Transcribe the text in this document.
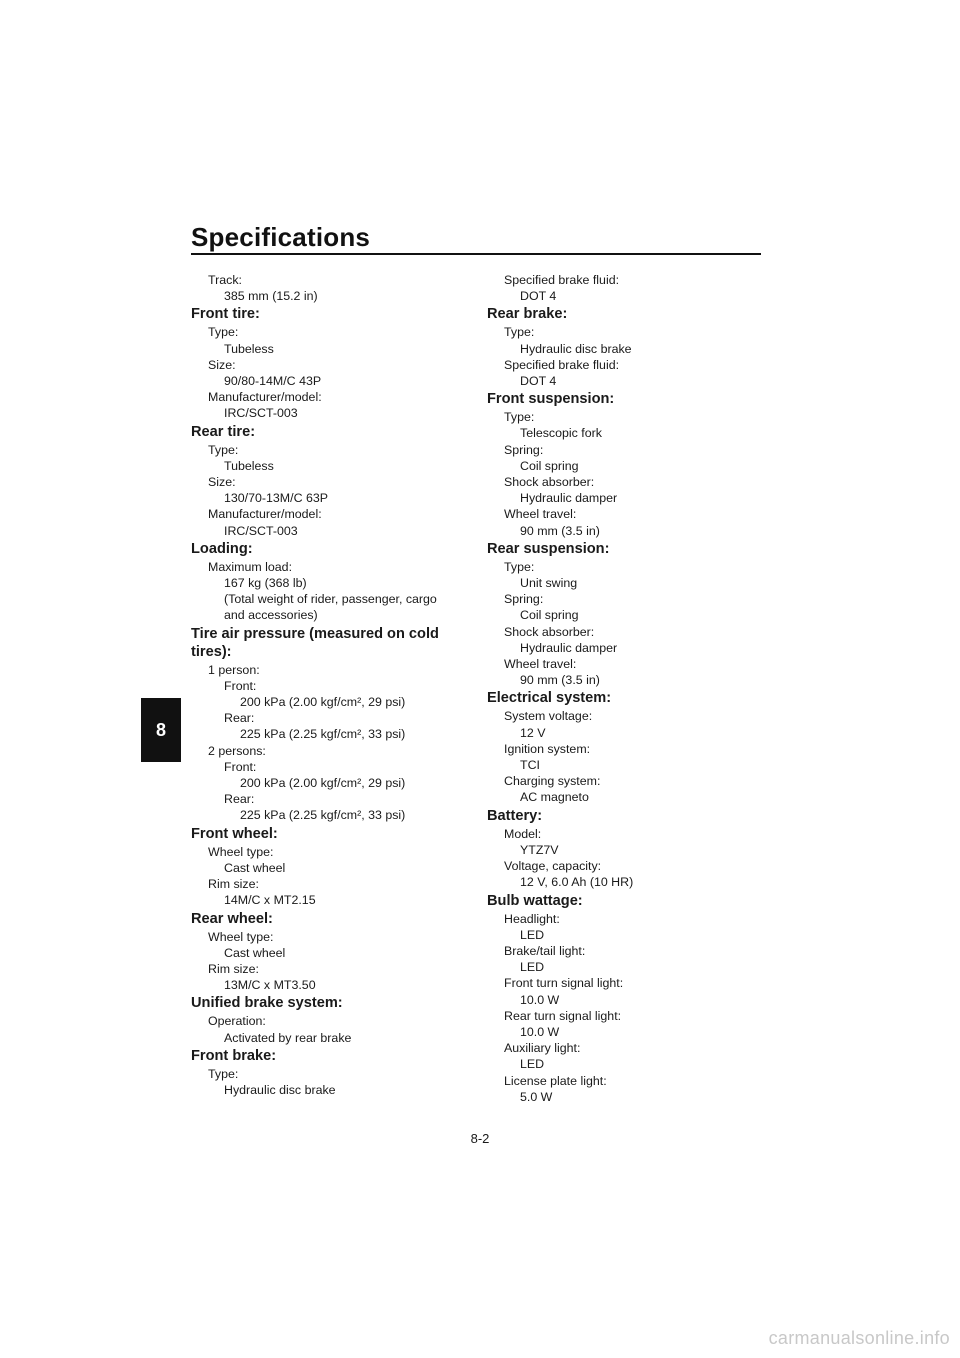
Specifications
8
Track:
385 mm (15.2 in)
Front tire:
Type:
Tubeless
Size:
90/80-14M/C 43P
Manufacturer/model:
IRC/SCT-003
Rear tire:
Type:
Tubeless
Size:
130/70-13M/C 63P
Manufacturer/model:
IRC/SCT-003
Loading:
Maximum load:
167 kg (368 lb)
(Total weight of rider, passenger, cargo
and accessories)
Tire air pressure (measured on cold tires):
1 person:
Front:
200 kPa (2.00 kgf/cm², 29 psi)
Rear:
225 kPa (2.25 kgf/cm², 33 psi)
2 persons:
Front:
200 kPa (2.00 kgf/cm², 29 psi)
Rear:
225 kPa (2.25 kgf/cm², 33 psi)
Front wheel:
Wheel type:
Cast wheel
Rim size:
14M/C x MT2.15
Rear wheel:
Wheel type:
Cast wheel
Rim size:
13M/C x MT3.50
Unified brake system:
Operation:
Activated by rear brake
Front brake:
Type:
Hydraulic disc brake
Specified brake fluid:
DOT 4
Rear brake:
Type:
Hydraulic disc brake
Specified brake fluid:
DOT 4
Front suspension:
Type:
Telescopic fork
Spring:
Coil spring
Shock absorber:
Hydraulic damper
Wheel travel:
90 mm (3.5 in)
Rear suspension:
Type:
Unit swing
Spring:
Coil spring
Shock absorber:
Hydraulic damper
Wheel travel:
90 mm (3.5 in)
Electrical system:
System voltage:
12 V
Ignition system:
TCI
Charging system:
AC magneto
Battery:
Model:
YTZ7V
Voltage, capacity:
12 V, 6.0 Ah (10 HR)
Bulb wattage:
Headlight:
LED
Brake/tail light:
LED
Front turn signal light:
10.0 W
Rear turn signal light:
10.0 W
Auxiliary light:
LED
License plate light:
5.0 W
8-2
carmanualsonline.info
